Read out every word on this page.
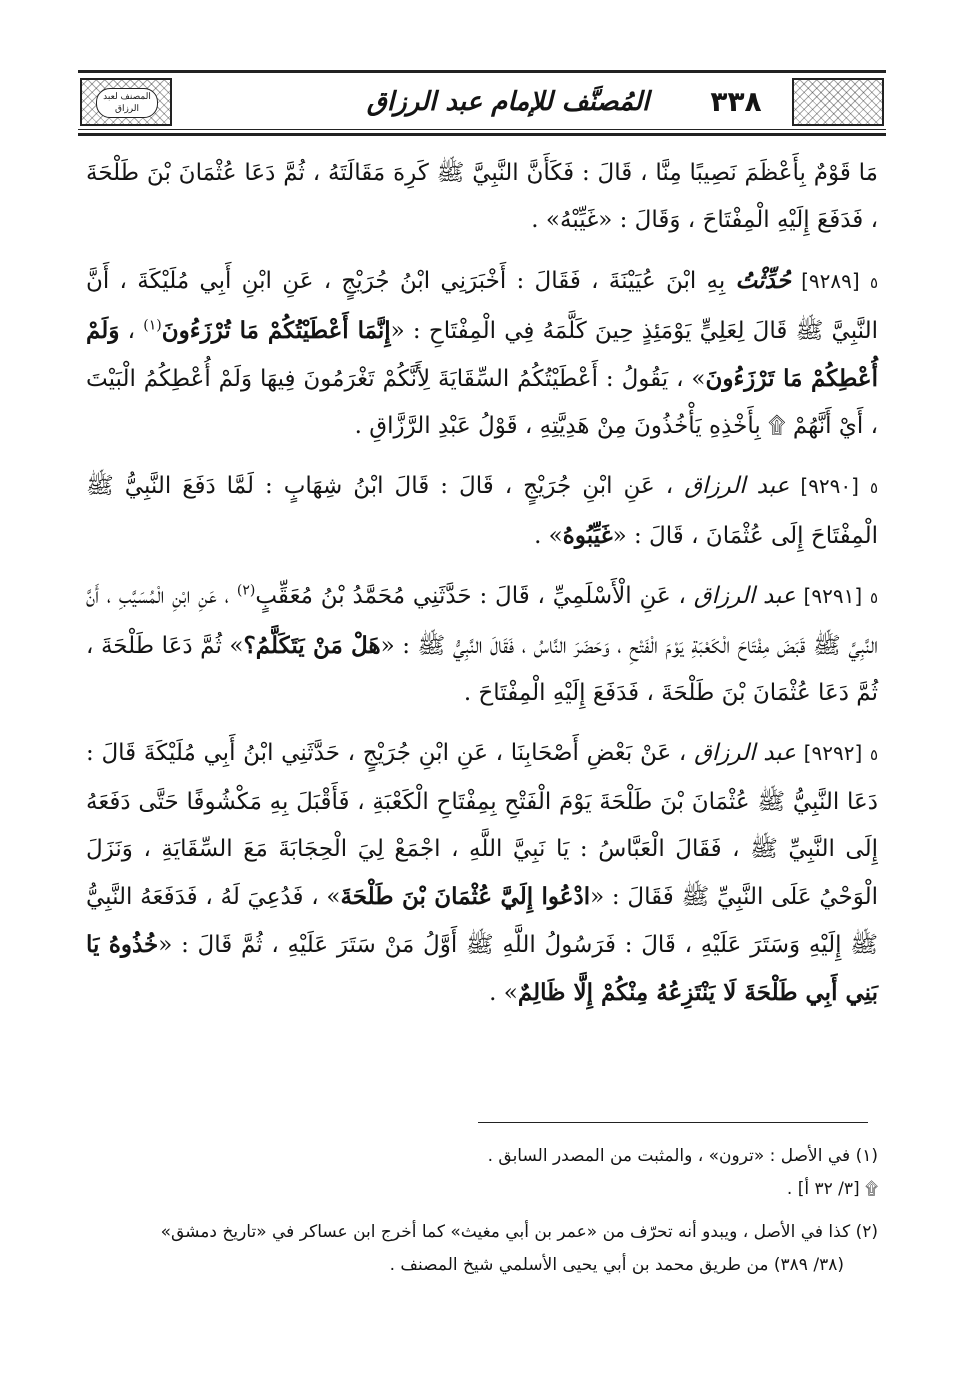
المصنف لعبد الرزاق	المُصنَّف للإمام عبد الرزاق	٣٣٨

مَا قَوْمٌ بِأَعْظَمَ نَصِيبًا مِنَّا ، قَالَ : فَكَأَنَّ النَّبِيَّ ﷺ كَرِهَ مَقَالَتَهُ ، ثُمَّ دَعَا عُثْمَانَ بْنَ طَلْحَةَ ، فَدَفَعَ إِلَيْهِ الْمِفْتَاحَ ، وَقَالَ : «غَيِّبْهُ» .

٥ [٩٢٨٩] حُدِّثْتُ بِهِ ابْنَ عُيَيْنَةَ ، فَقَالَ : أَخْبَرَنِي ابْنُ جُرَيْجٍ ، عَنِ ابْنِ أَبِي مُلَيْكَةَ ، أَنَّ النَّبِيَّ ﷺ قَالَ لِعَلِيٍّ يَوْمَئِذٍ حِينَ كَلَّمَهُ فِي الْمِفْتَاحِ : «إِنَّمَا أَعْطَيْتُكُمْ مَا تُرْزَءُونَ$^{(١)}$ ، وَلَمْ أُعْطِكُمْ مَا تَرْزَءُونَ» ، يَقُولُ : أَعْطَيْتُكُمُ السِّقَايَةَ لِأَنَّكُمْ تَغْرَمُونَ فِيهَا وَلَمْ أُعْطِكُمُ الْبَيْتَ ، أَيْ أَنَّهُمْ ۩ بِأَخْذِهِ يَأْخُذُونَ مِنْ هَدِيَّتِهِ ، قَوْلُ عَبْدِ الرَّزَّاقِ .

٥ [٩٢٩٠] عبد الرزاق ، عَنِ ابْنِ جُرَيْجٍ ، قَالَ : قَالَ ابْنُ شِهَابٍ : لَمَّا دَفَعَ النَّبِيُّ ﷺ الْمِفْتَاحَ إِلَى عُثْمَانَ ، قَالَ : «غَيِّبُوهُ» .

٥ [٩٢٩١] عبد الرزاق ، عَنِ الْأَسْلَمِيِّ ، قَالَ : حَدَّثَنِي مُحَمَّدُ بْنُ مُعَقِّبٍ$^{(٢)}$ ، عَنِ ابْنِ الْمُسَيَّبِ ، أَنَّ النَّبِيَّ ﷺ قَبَضَ مِفْتَاحَ الْكَعْبَةِ يَوْمَ الْفَتْحِ ، وَحَضَرَ النَّاسُ ، فَقَالَ النَّبِيُّ ﷺ : «هَلْ مَنْ يَتَكَلَّمُ؟» ثُمَّ دَعَا طَلْحَةَ ، ثُمَّ دَعَا عُثْمَانَ بْنَ طَلْحَةَ ، فَدَفَعَ إِلَيْهِ الْمِفْتَاحَ .

٥ [٩٢٩٢] عبد الرزاق ، عَنْ بَعْضِ أَصْحَابِنَا ، عَنِ ابْنِ جُرَيْجٍ ، حَدَّثَنِي ابْنُ أَبِي مُلَيْكَةَ قَالَ : دَعَا النَّبِيُّ ﷺ عُثْمَانَ بْنَ طَلْحَةَ يَوْمَ الْفَتْحِ بِمِفْتَاحِ الْكَعْبَةِ ، فَأَقْبَلَ بِهِ مَكْشُوفًا حَتَّى دَفَعَهُ إِلَى النَّبِيِّ ﷺ ، فَقَالَ الْعَبَّاسُ : يَا نَبِيَّ اللَّهِ ، اجْمَعْ لِيَ الْحِجَابَةَ مَعَ السِّقَايَةِ ، وَنَزَلَ الْوَحْيُ عَلَى النَّبِيِّ ﷺ فَقَالَ : «ادْعُوا إِلَيَّ عُثْمَانَ بْنَ طَلْحَةَ» ، فَدُعِيَ لَهُ ، فَدَفَعَهُ النَّبِيُّ ﷺ إِلَيْهِ وَسَتَرَ عَلَيْهِ ، قَالَ : فَرَسُولُ اللَّهِ ﷺ أَوَّلُ مَنْ سَتَرَ عَلَيْهِ ، ثُمَّ قَالَ : «خُذُوهُ يَا بَنِي أَبِي طَلْحَةَ لَا يَنْتَزِعُهُ مِنْكُمْ إِلَّا ظَالِمٌ» .

(١) في الأصل : «ترون» ، والمثبت من المصدر السابق .

۩ [٣/ ٣٢ أ] .

(٢) كذا في الأصل ، ويبدو أنه تحرّف من «عمر بن أبي مغيث» كما أخرج ابن عساكر في «تاريخ دمشق»

(٣٨/ ٣٨٩) من طريق محمد بن أبي يحيى الأسلمي شيخ المصنف .
